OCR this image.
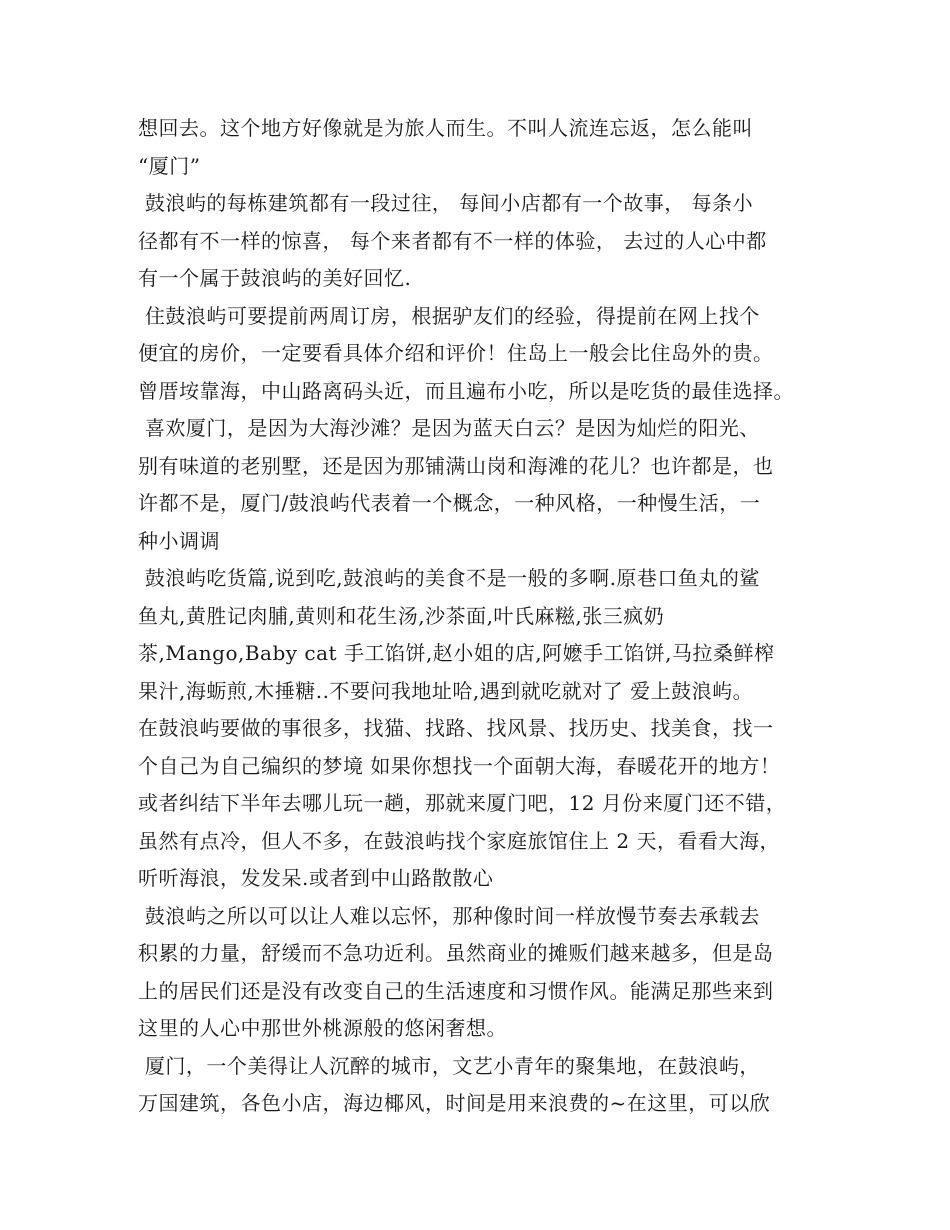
想回去。这个地方好像就是为旅人而生。不叫人流连忘返，怎么能叫
“厦门”
鼓浪屿的每栋建筑都有一段过往， 每间小店都有一个故事， 每条小
径都有不一样的惊喜， 每个来者都有不一样的体验， 去过的人心中都
有一个属于鼓浪屿的美好回忆.
住鼓浪屿可要提前两周订房，根据驴友们的经验，得提前在网上找个
便宜的房价，一定要看具体介绍和评价！住岛上一般会比住岛外的贵。
曾厝垵靠海，中山路离码头近，而且遍布小吃，所以是吃货的最佳选择。
喜欢厦门，是因为大海沙滩？是因为蓝天白云？是因为灿烂的阳光、
别有味道的老别墅，还是因为那铺满山岗和海滩的花儿？也许都是，也
许都不是，厦门/鼓浪屿代表着一个概念，一种风格，一种慢生活，一
种小调调
鼓浪屿吃货篇,说到吃,鼓浪屿的美食不是一般的多啊.原巷口鱼丸的鲨
鱼丸,黄胜记肉脯,黄则和花生汤,沙茶面,叶氏麻糍,张三疯奶
茶,Mango,Baby cat 手工馅饼,赵小姐的店,阿嬷手工馅饼,马拉桑鲜榨
果汁,海蛎煎,木捶糖..不要问我地址哈,遇到就吃就对了 爱上鼓浪屿。
在鼓浪屿要做的事很多，找猫、找路、找风景、找历史、找美食，找一
个自己为自己编织的梦境 如果你想找一个面朝大海，春暖花开的地方！
或者纠结下半年去哪儿玩一趟，那就来厦门吧，12 月份来厦门还不错，
虽然有点冷，但人不多，在鼓浪屿找个家庭旅馆住上 2 天，看看大海，
听听海浪，发发呆.或者到中山路散散心
鼓浪屿之所以可以让人难以忘怀，那种像时间一样放慢节奏去承载去
积累的力量，舒缓而不急功近利。虽然商业的摊贩们越来越多，但是岛
上的居民们还是没有改变自己的生活速度和习惯作风。能满足那些来到
这里的人心中那世外桃源般的悠闲奢想。
厦门，一个美得让人沉醉的城市，文艺小青年的聚集地，在鼓浪屿，
万国建筑，各色小店，海边椰风，时间是用来浪费的~在这里，可以欣
